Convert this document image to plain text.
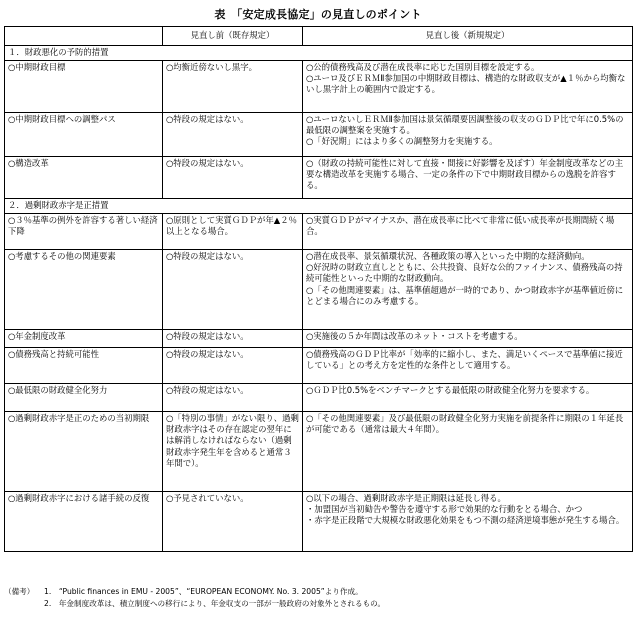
表　「安定成長協定」の見直しのポイント
	見直し前（既存規定）	見直し後（新規規定）
１．財政悪化の予防的措置		
○中期財政目標	○均衡近傍ないし黒字。	○公的債務残高及び潜在成長率に応じた国別目標を設定する。
○ユーロ及びＥＲＭⅡ参加国の中期財政目標は、構造的な財政収支が▲１％から均衡ないし黒字計上の範囲内で設定する。

○中期財政目標への調整パス	○特段の規定はない。	○ユーロないしＥＲＭⅡ参加国は景気循環要因調整後の収支のＧＤＰ比で年に0.5%の最低限の調整案を実施する。
○「好況期」にはより多くの調整努力を実施する。

○構造改革	○特段の規定はない。	○（財政の持続可能性に対して直接・間接に好影響を及ぼす）年金制度改革などの主要な構造改革を実施する場合、一定の条件の下で中期財政目標からの逸脱を許容する。

２．過剰財政赤字是正措置		
○３％基準の例外を許容する著しい経済下降	○原則として実質ＧＤＰが年▲２％以上となる場合。	○実質ＧＤＰがマイナスか、潜在成長率に比べて非常に低い成長率が長期間続く場合。

○考慮するその他の関連要素	○特段の規定はない。	○潜在成長率、景気循環状況、各種政策の導入といった中期的な経済動向。
○好況時の財政立直しとともに、公共投資、良好な公的ファイナンス、債務残高の持続可能性といった中期的な財政動向。
○「その他関連要素」は、基準値超過が一時的であり、かつ財政赤字が基準値近傍にとどまる場合にのみ考慮する。

○年金制度改革	○特段の規定はない。	○実施後の５か年間は改革のネット・コストを考慮する。

○債務残高と持続可能性	○特段の規定はない。	○債務残高のＧＤＰ比率が「効率的に縮小し、また、満足いくペースで基準値に接近している」との考え方を定性的な条件として適用する。

○最低限の財政健全化努力	○特段の規定はない。	○ＧＤＰ比0.5%をベンチマークとする最低限の財政健全化努力を要求する。

○過剰財政赤字是正のための当初期限	○「特別の事情」がない限り、過剰財政赤字はその存在認定の翌年には解消しなければならない（過剰財政赤字発生年を含めると通常３年間で）。	○「その他関連要素」及び最低限の財政健全化努力実施を前提条件に期限の１年延長が可能である（通常は最大４年間）。

○過剰財政赤字における諸手続の反復	○予見されていない。	○以下の場合、過剰財政赤字是正期限は延長し得る。
・加盟国が当初勧告や警告を遵守する形で効果的な行動をとる場合、かつ
・赤字是正段階で大規模な財政悪化効果をもつ不測の経済逆境事態が発生する場合。
（備考）	1.　“Public finances in EMU - 2005”、“EUROPEAN ECONOMY. No. 3. 2005”より作成。
2.　年金制度改革は、積立制度への移行により、年金収支の一部が一般政府の対象外とされるもの。
